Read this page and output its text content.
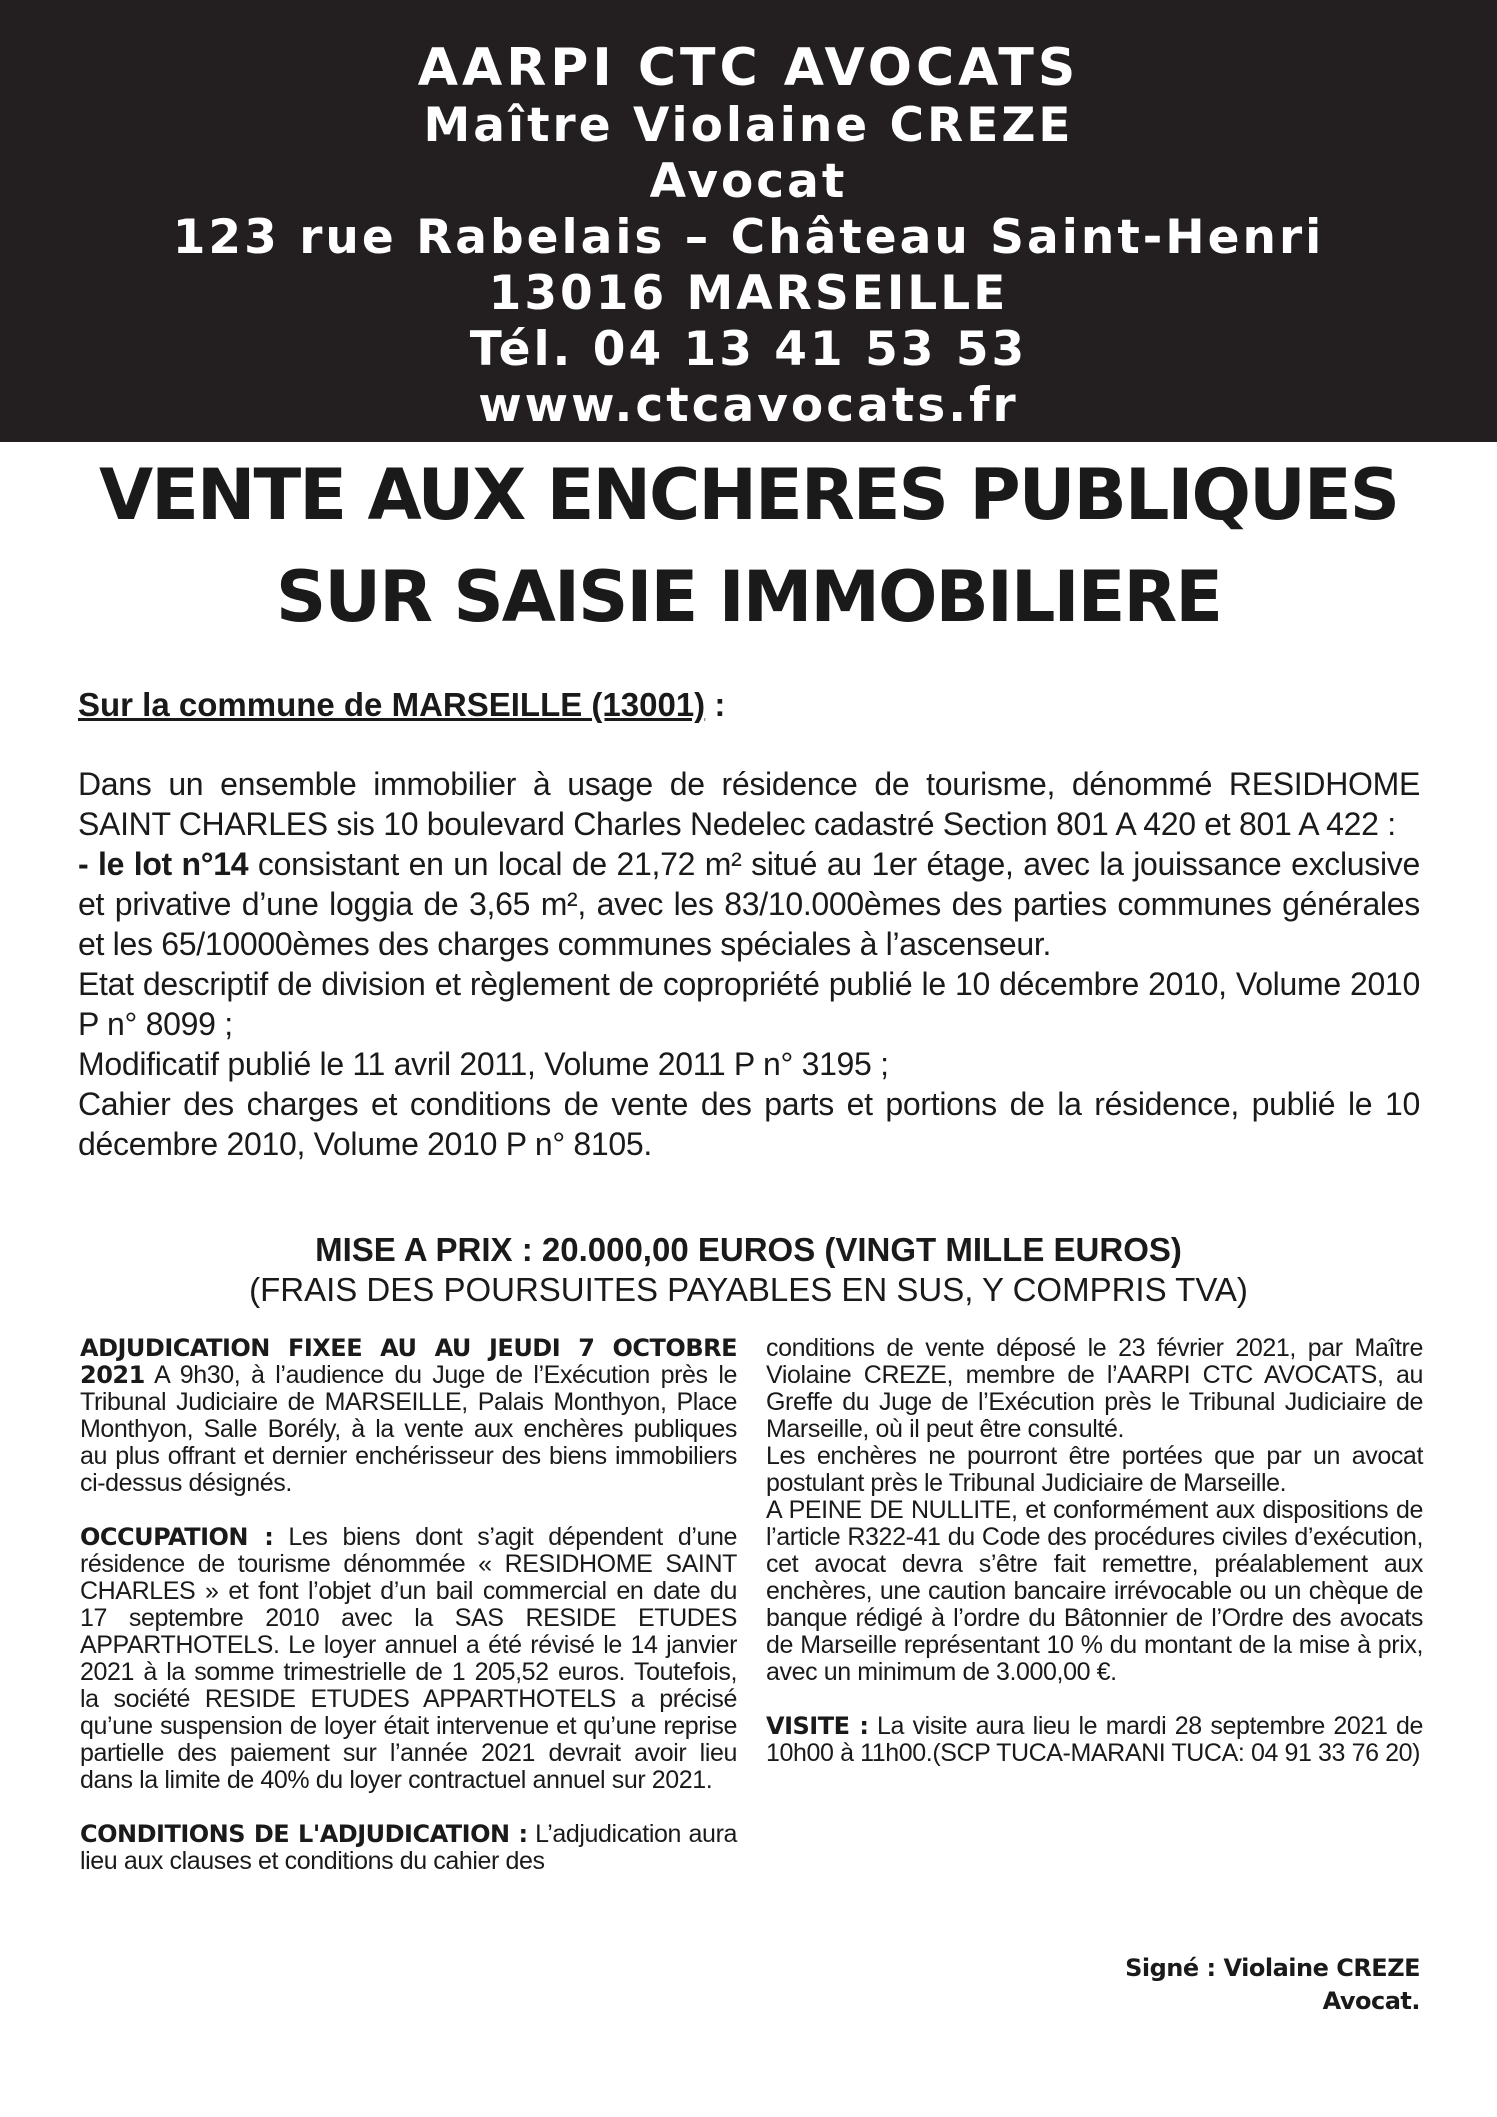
AARPI CTC AVOCATS
Maître Violaine CREZE
Avocat
123 rue Rabelais – Château Saint-Henri
13016 MARSEILLE
Tél. 04 13 41 53 53
www.ctcavocats.fr
VENTE AUX ENCHERES PUBLIQUES
SUR SAISIE IMMOBILIERE
Sur la commune de MARSEILLE (13001) :

Dans un ensemble immobilier à usage de résidence de tourisme, dénommé RESIDHOME SAINT CHARLES sis 10 boulevard Charles Nedelec cadastré Section 801 A 420 et 801 A 422 :

- le lot n°14 consistant en un local de 21,72 m² situé au 1er étage, avec la jouissance exclusive et privative d’une loggia de 3,65 m², avec les 83/10.000èmes des parties communes générales et les 65/10000èmes des charges communes spéciales à l’ascenseur.

Etat descriptif de division et règlement de copropriété publié le 10 décembre 2010, Volume 2010 P n° 8099 ;

Modificatif publié le 11 avril 2011, Volume 2011 P n° 3195 ;

Cahier des charges et conditions de vente des parts et portions de la résidence, publié le 10 décembre 2010, Volume 2010 P n° 8105.

MISE A PRIX : 20.000,00 EUROS (VINGT MILLE EUROS)
(FRAIS DES POURSUITES PAYABLES EN SUS, Y COMPRIS TVA)

ADJUDICATION FIXEE AU AU JEUDI 7 OCTOBRE 2021 A 9h30, à l’audience du Juge de l’Exécution près le Tribunal Judiciaire de MARSEILLE, Palais Monthyon, Place Monthyon, Salle Borély, à la vente aux enchères publiques au plus offrant et dernier enchérisseur des biens immobiliers ci-dessus désignés.

OCCUPATION : Les biens dont s’agit dépendent d’une résidence de tourisme dénommée « RESIDHOME SAINT CHARLES » et font l’objet d’un bail commercial en date du 17 septembre 2010 avec la SAS RESIDE ETUDES APPARTHOTELS. Le loyer annuel a été révisé le 14 janvier 2021 à la somme trimestrielle de 1 205,52 euros. Toutefois, la société RESIDE ETUDES APPARTHOTELS a précisé qu’une suspension de loyer était intervenue et qu’une reprise partielle des paiement sur l’année 2021 devrait avoir lieu dans la limite de 40% du loyer contractuel annuel sur 2021.

CONDITIONS DE L'ADJUDICATION : L’adjudication aura lieu aux clauses et conditions du cahier des

conditions de vente déposé le 23 février 2021, par Maître Violaine CREZE, membre de l’AARPI CTC AVOCATS, au Greffe du Juge de l’Exécution près le Tribunal Judiciaire de Marseille, où il peut être consulté.

Les enchères ne pourront être portées que par un avocat postulant près le Tribunal Judiciaire de Marseille.

A PEINE DE NULLITE, et conformément aux dispositions de l’article R322-41 du Code des procédures civiles d’exécution, cet avocat devra s’être fait remettre, préalablement aux enchères, une caution bancaire irrévocable ou un chèque de banque rédigé à l’ordre du Bâtonnier de l’Ordre des avocats de Marseille représentant 10 % du montant de la mise à prix, avec un minimum de 3.000,00 €.

VISITE : La visite aura lieu le mardi 28 septembre 2021 de 10h00 à 11h00.(SCP TUCA-MARANI TUCA: 04 91 33 76 20)

Signé : Violaine CREZE
Avocat.
